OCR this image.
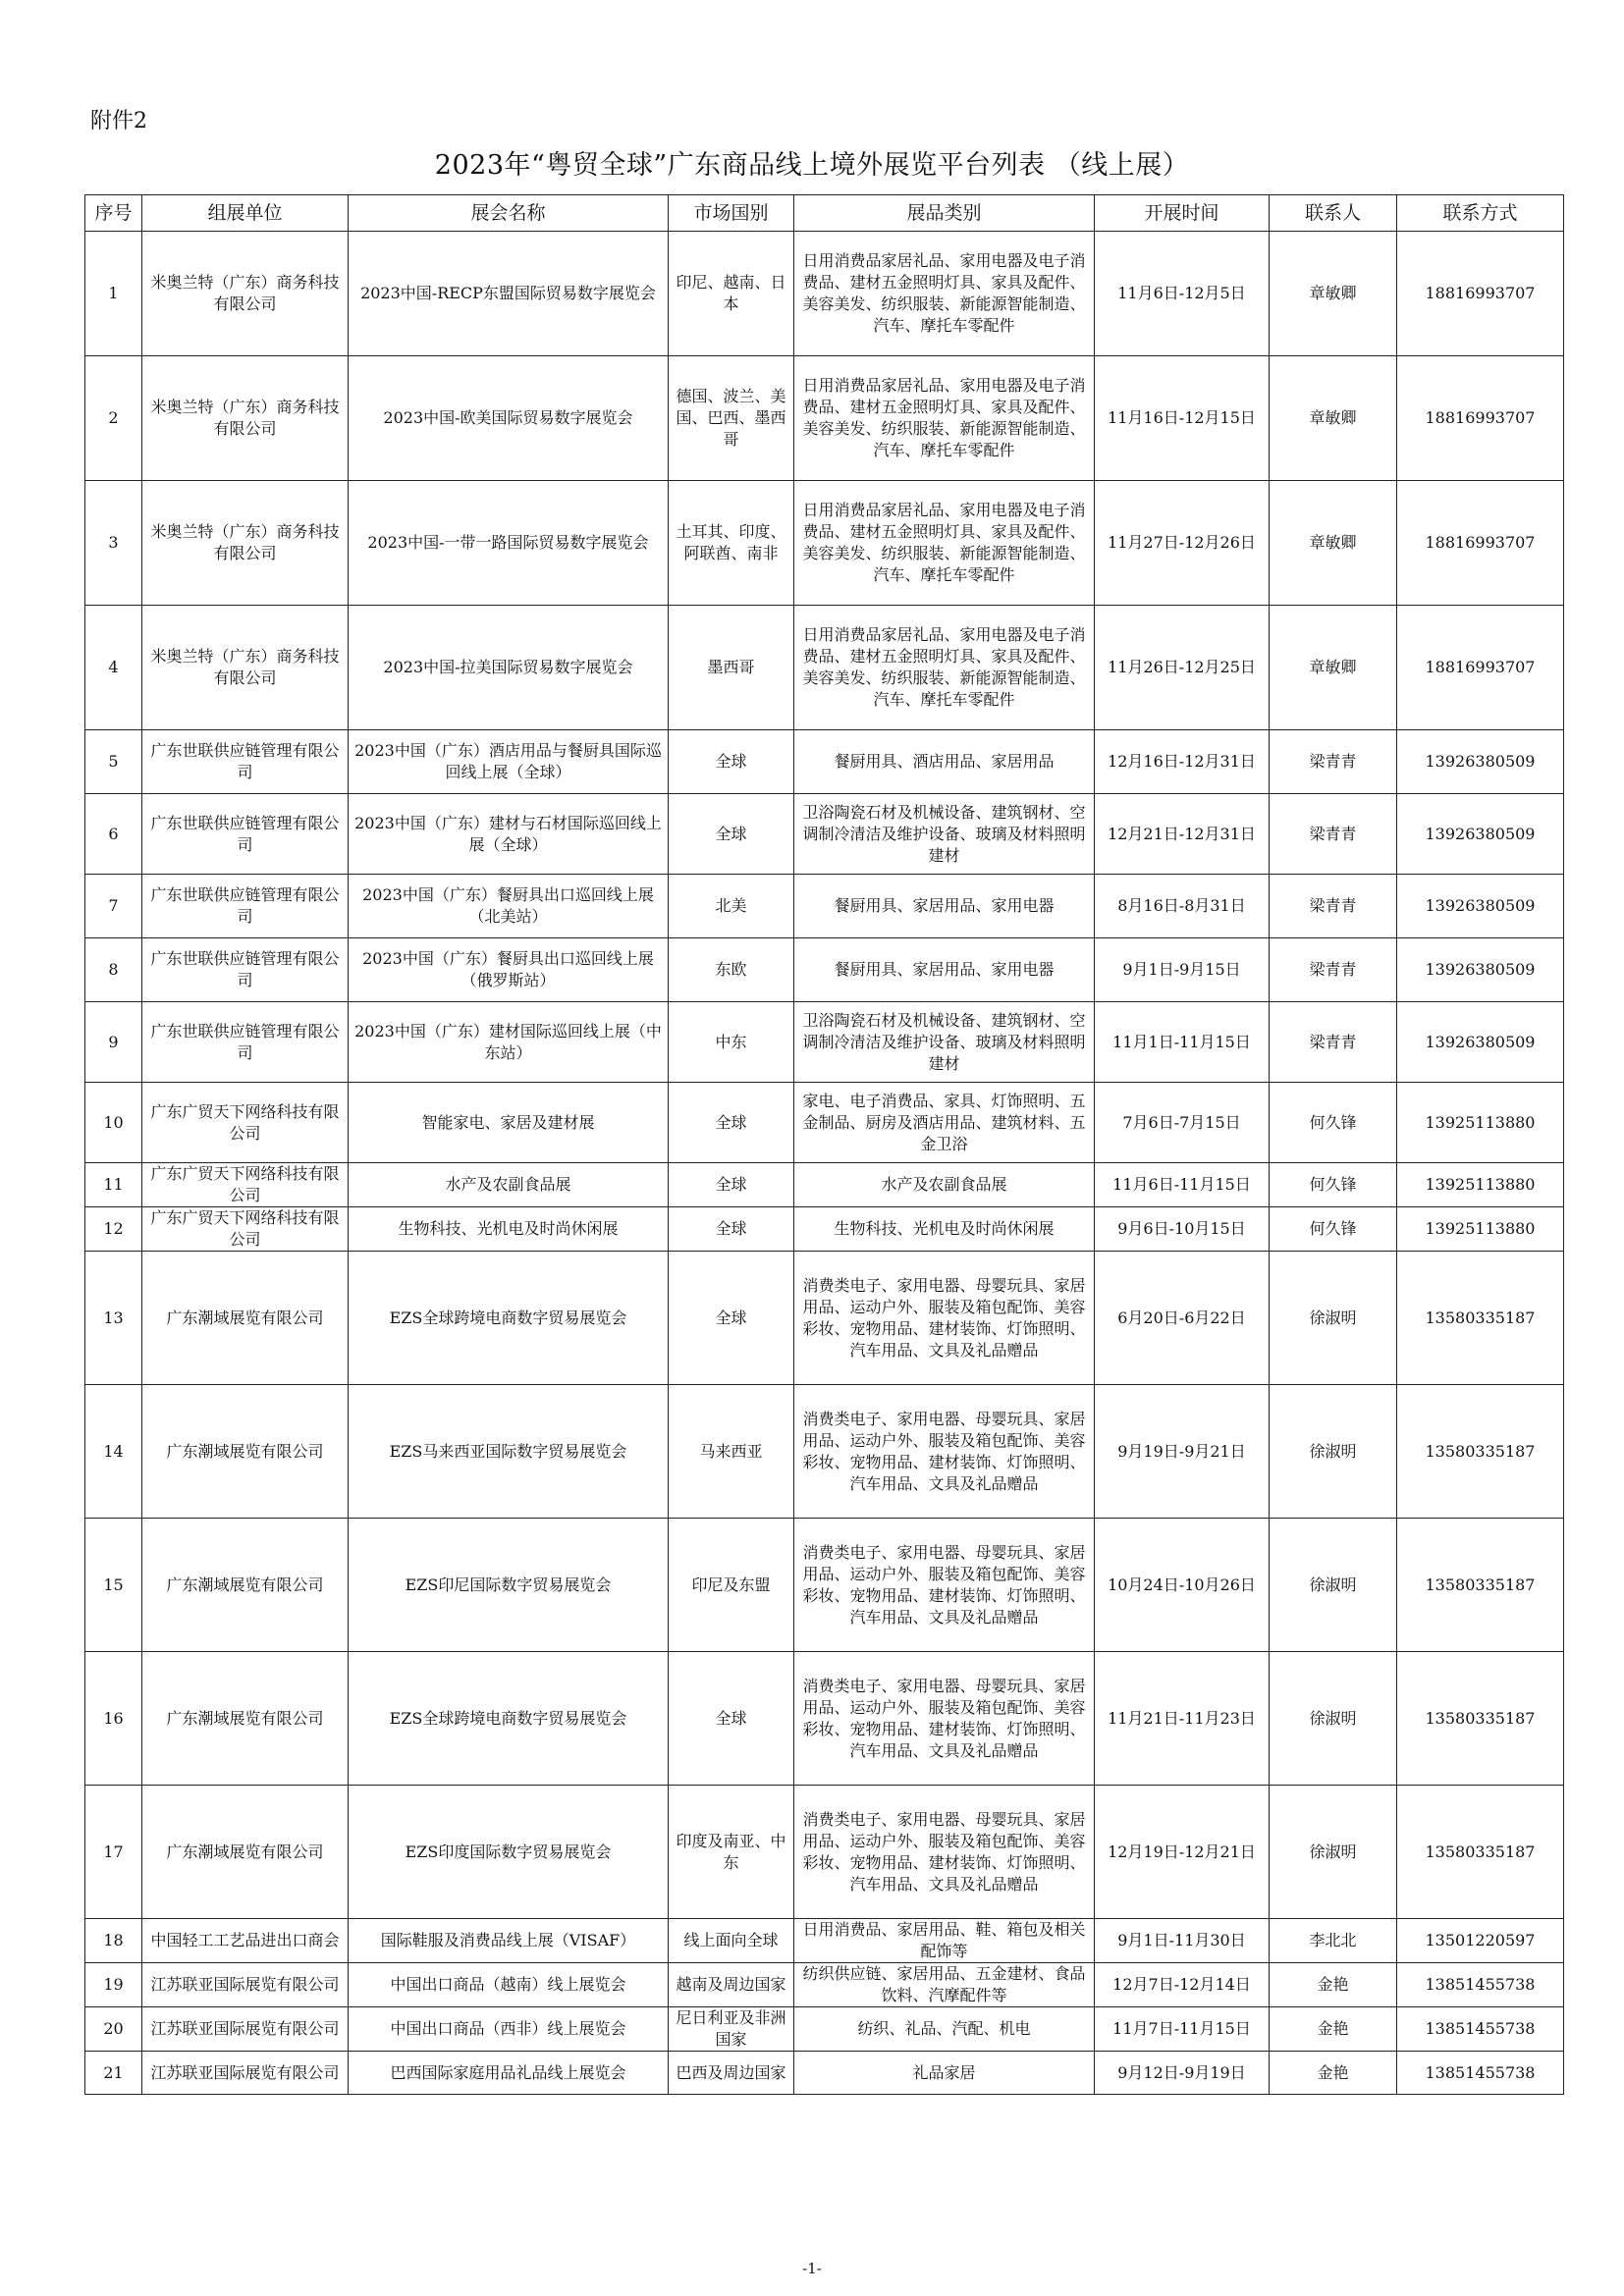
附件2
2023年“粤贸全球”广东商品线上境外展览平台列表 （线上展）
序号	组展单位	展会名称	市场国别	展品类别	开展时间	联系人	联系方式
1	米奥兰特（广东）商务科技有限公司	2023中国-RECP东盟国际贸易数字展览会	印尼、越南、日本	日用消费品家居礼品、家用电器及电子消费品、建材五金照明灯具、家具及配件、美容美发、纺织服装、新能源智能制造、汽车、摩托车零配件	11月6日-12月5日	章敏卿	18816993707
2	米奥兰特（广东）商务科技有限公司	2023中国-欧美国际贸易数字展览会	德国、波兰、美国、巴西、墨西哥	日用消费品家居礼品、家用电器及电子消费品、建材五金照明灯具、家具及配件、美容美发、纺织服装、新能源智能制造、汽车、摩托车零配件	11月16日-12月15日	章敏卿	18816993707
3	米奥兰特（广东）商务科技有限公司	2023中国-一带一路国际贸易数字展览会	土耳其、印度、阿联酋、南非	日用消费品家居礼品、家用电器及电子消费品、建材五金照明灯具、家具及配件、美容美发、纺织服装、新能源智能制造、汽车、摩托车零配件	11月27日-12月26日	章敏卿	18816993707
4	米奥兰特（广东）商务科技有限公司	2023中国-拉美国际贸易数字展览会	墨西哥	日用消费品家居礼品、家用电器及电子消费品、建材五金照明灯具、家具及配件、美容美发、纺织服装、新能源智能制造、汽车、摩托车零配件	11月26日-12月25日	章敏卿	18816993707
5	广东世联供应链管理有限公司	2023中国（广东）酒店用品与餐厨具国际巡回线上展（全球）	全球	餐厨用具、酒店用品、家居用品	12月16日-12月31日	梁青青	13926380509
6	广东世联供应链管理有限公司	2023中国（广东）建材与石材国际巡回线上展（全球）	全球	卫浴陶瓷石材及机械设备、建筑钢材、空调制冷清洁及维护设备、玻璃及材料照明建材	12月21日-12月31日	梁青青	13926380509
7	广东世联供应链管理有限公司	2023中国（广东）餐厨具出口巡回线上展（北美站）	北美	餐厨用具、家居用品、家用电器	8月16日-8月31日	梁青青	13926380509
8	广东世联供应链管理有限公司	2023中国（广东）餐厨具出口巡回线上展（俄罗斯站）	东欧	餐厨用具、家居用品、家用电器	9月1日-9月15日	梁青青	13926380509
9	广东世联供应链管理有限公司	2023中国（广东）建材国际巡回线上展（中东站）	中东	卫浴陶瓷石材及机械设备、建筑钢材、空调制冷清洁及维护设备、玻璃及材料照明建材	11月1日-11月15日	梁青青	13926380509
10	广东广贸天下网络科技有限公司	智能家电、家居及建材展	全球	家电、电子消费品、家具、灯饰照明、五金制品、厨房及酒店用品、建筑材料、五金卫浴	7月6日-7月15日	何久锋	13925113880
11	广东广贸天下网络科技有限公司	水产及农副食品展	全球	水产及农副食品展	11月6日-11月15日	何久锋	13925113880
12	广东广贸天下网络科技有限公司	生物科技、光机电及时尚休闲展	全球	生物科技、光机电及时尚休闲展	9月6日-10月15日	何久锋	13925113880
13	广东潮域展览有限公司	EZS全球跨境电商数字贸易展览会	全球	消费类电子、家用电器、母婴玩具、家居用品、运动户外、服装及箱包配饰、美容彩妆、宠物用品、建材装饰、灯饰照明、汽车用品、文具及礼品赠品	6月20日-6月22日	徐淑明	13580335187
14	广东潮域展览有限公司	EZS马来西亚国际数字贸易展览会	马来西亚	消费类电子、家用电器、母婴玩具、家居用品、运动户外、服装及箱包配饰、美容彩妆、宠物用品、建材装饰、灯饰照明、汽车用品、文具及礼品赠品	9月19日-9月21日	徐淑明	13580335187
15	广东潮域展览有限公司	EZS印尼国际数字贸易展览会	印尼及东盟	消费类电子、家用电器、母婴玩具、家居用品、运动户外、服装及箱包配饰、美容彩妆、宠物用品、建材装饰、灯饰照明、汽车用品、文具及礼品赠品	10月24日-10月26日	徐淑明	13580335187
16	广东潮域展览有限公司	EZS全球跨境电商数字贸易展览会	全球	消费类电子、家用电器、母婴玩具、家居用品、运动户外、服装及箱包配饰、美容彩妆、宠物用品、建材装饰、灯饰照明、汽车用品、文具及礼品赠品	11月21日-11月23日	徐淑明	13580335187
17	广东潮域展览有限公司	EZS印度国际数字贸易展览会	印度及南亚、中东	消费类电子、家用电器、母婴玩具、家居用品、运动户外、服装及箱包配饰、美容彩妆、宠物用品、建材装饰、灯饰照明、汽车用品、文具及礼品赠品	12月19日-12月21日	徐淑明	13580335187
18	中国轻工工艺品进出口商会	国际鞋服及消费品线上展（VISAF）	线上面向全球	日用消费品、家居用品、鞋、箱包及相关配饰等	9月1日-11月30日	李北北	13501220597
19	江苏联亚国际展览有限公司	中国出口商品（越南）线上展览会	越南及周边国家	纺织供应链、家居用品、五金建材、食品饮料、汽摩配件等	12月7日-12月14日	金艳	13851455738
20	江苏联亚国际展览有限公司	中国出口商品（西非）线上展览会	尼日利亚及非洲国家	纺织、礼品、汽配、机电	11月7日-11月15日	金艳	13851455738
21	江苏联亚国际展览有限公司	巴西国际家庭用品礼品线上展览会	巴西及周边国家	礼品家居	9月12日-9月19日	金艳	13851455738
-1-
